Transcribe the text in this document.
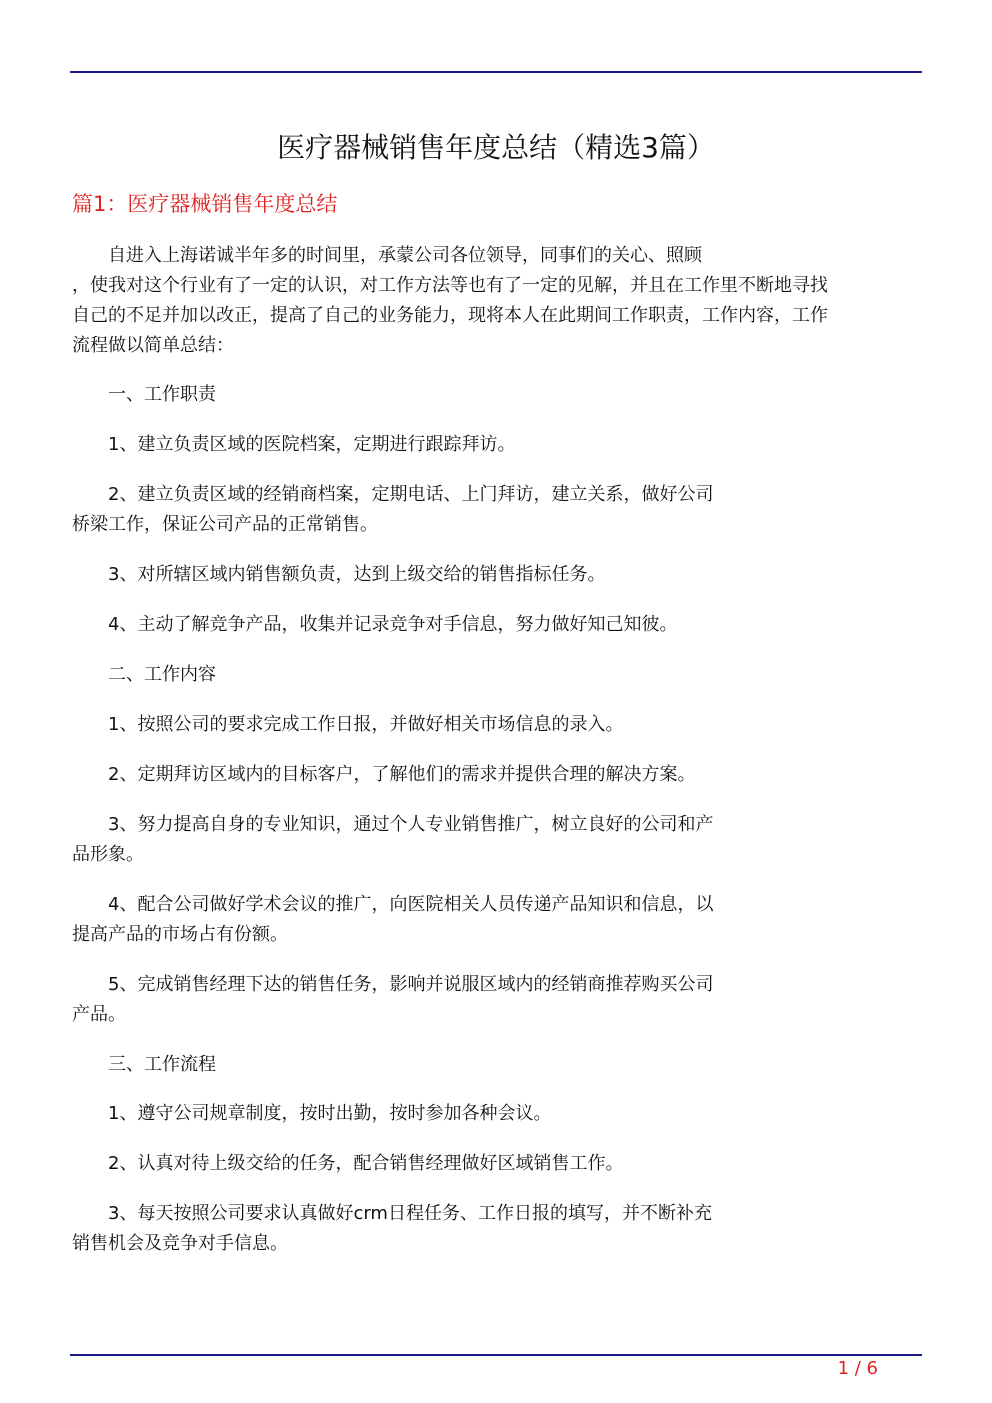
医疗器械销售年度总结（精选3篇）
篇1：医疗器械销售年度总结
自进入上海诺诚半年多的时间里，承蒙公司各位领导，同事们的关心、照顾
，使我对这个行业有了一定的认识，对工作方法等也有了一定的见解，并且在工作里不断地寻找
自己的不足并加以改正，提高了自己的业务能力，现将本人在此期间工作职责，工作内容，工作
流程做以简单总结：
一、工作职责
1、建立负责区域的医院档案，定期进行跟踪拜访。
2、建立负责区域的经销商档案，定期电话、上门拜访，建立关系，做好公司
桥梁工作，保证公司产品的正常销售。
3、对所辖区域内销售额负责，达到上级交给的销售指标任务。
4、主动了解竞争产品，收集并记录竞争对手信息，努力做好知己知彼。
二、工作内容
1、按照公司的要求完成工作日报，并做好相关市场信息的录入。
2、定期拜访区域内的目标客户，了解他们的需求并提供合理的解决方案。
3、努力提高自身的专业知识，通过个人专业销售推广，树立良好的公司和产
品形象。
4、配合公司做好学术会议的推广，向医院相关人员传递产品知识和信息，以
提高产品的市场占有份额。
5、完成销售经理下达的销售任务，影响并说服区域内的经销商推荐购买公司
产品。
三、工作流程
1、遵守公司规章制度，按时出勤，按时参加各种会议。
2、认真对待上级交给的任务，配合销售经理做好区域销售工作。
3、每天按照公司要求认真做好crm日程任务、工作日报的填写，并不断补充
销售机会及竞争对手信息。
1 / 6
